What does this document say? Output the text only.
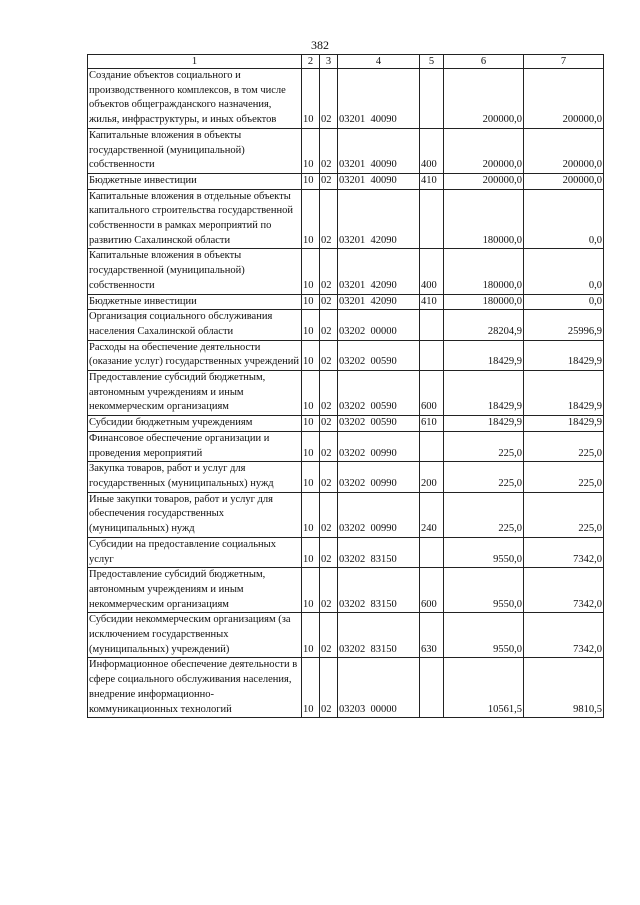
382
1	2	3	4	5	6	7
Создание объектов социального и производственного комплексов, в том числе объектов общегражданского назначения, жилья, инфраструктуры, и иных объектов	10	02	03201  40090		200000,0	200000,0
Капитальные вложения в объекты государственной (муниципальной) собственности	10	02	03201  40090	400	200000,0	200000,0
Бюджетные инвестиции	10	02	03201  40090	410	200000,0	200000,0
Капитальные вложения в отдельные объекты капитального строительства государственной собственности в рамках мероприятий по развитию Сахалинской области	10	02	03201  42090		180000,0	0,0
Капитальные вложения в объекты государственной (муниципальной) собственности	10	02	03201  42090	400	180000,0	0,0
Бюджетные инвестиции	10	02	03201  42090	410	180000,0	0,0
Организация социального обслуживания населения Сахалинской области	10	02	03202  00000		28204,9	25996,9
Расходы на обеспечение деятельности (оказание услуг) государственных учреждений	10	02	03202  00590		18429,9	18429,9
Предоставление субсидий бюджетным, автономным учреждениям и иным некоммерческим организациям	10	02	03202  00590	600	18429,9	18429,9
Субсидии бюджетным учреждениям	10	02	03202  00590	610	18429,9	18429,9
Финансовое обеспечение организации и проведения мероприятий	10	02	03202  00990		225,0	225,0
Закупка товаров, работ и услуг для государственных (муниципальных) нужд	10	02	03202  00990	200	225,0	225,0
Иные закупки товаров, работ и услуг для обеспечения государственных (муниципальных) нужд	10	02	03202  00990	240	225,0	225,0
Субсидии на предоставление социальных услуг	10	02	03202  83150		9550,0	7342,0
Предоставление субсидий бюджетным, автономным учреждениям и иным некоммерческим организациям	10	02	03202  83150	600	9550,0	7342,0
Субсидии некоммерческим организациям (за исключением государственных (муниципальных) учреждений)	10	02	03202  83150	630	9550,0	7342,0
Информационное обеспечение деятельности в сфере социального обслуживания населения, внедрение информационно-коммуникационных технологий	10	02	03203  00000		10561,5	9810,5
